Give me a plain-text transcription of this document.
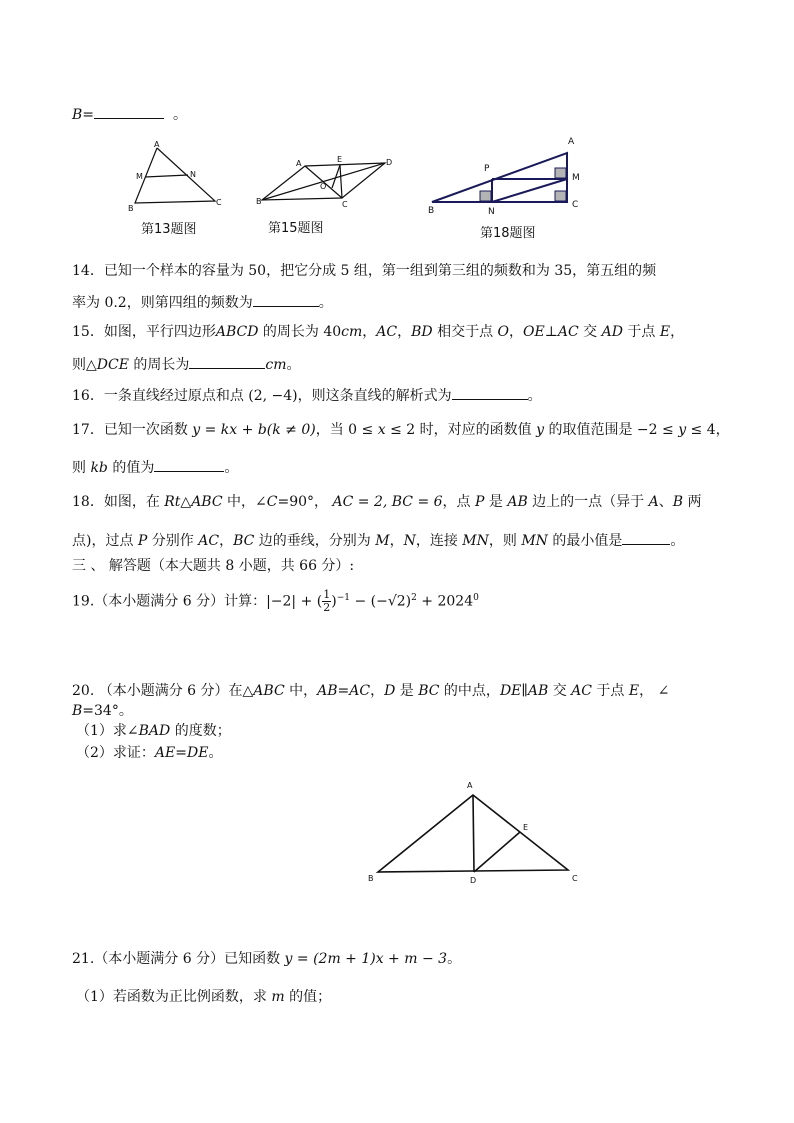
B=	。
A
M	N
B
C
第13题图
A	E	D
O
B	C
第15题图
A
P
M
B	N
C
第18题图
14．已知一个样本的容量为 50，把它分成 5 组，第一组到第三组的频数和为 35，第五组的频
率为 0.2，则第四组的频数为	。
15．如图，平行四边形ABCD 的周长为 40cm，AC，BD 相交于点 O，OE⊥AC 交 AD 于点 E，
则△DCE 的周长为	cm。
16．一条直线经过原点和点 (2, −4)，则这条直线的解析式为	。
17．已知一次函数 y = kx + b(k ≠ 0)，当 0 ≤ x ≤ 2 时，对应的函数值 y 的取值范围是 −2 ≤ y ≤ 4，
则 kb 的值为	。
18．如图，在 Rt△ABC 中，∠C=90°， AC = 2, BC = 6，点 P 是 AB 边上的一点（异于 A、B 两
点)，过点 P 分别作 AC，BC 边的垂线，分别为 M，N，连接 MN，则 MN 的最小值是	。
三 、 解答题（本大题共 8 小题，共 66 分）:
19.（本小题满分 6 分）计算：|−2| + ( $\frac{1}{2} )^{-1} - (-√2)^2 + 2024^0$
20. （本小题满分 6 分）在△ABC 中，AB=AC，D 是 BC 的中点，DE∥AB 交 AC 于点 E， ∠
B=34°。
（1）求∠BAD 的度数；
（2）求证：AE=DE。
A
E
B	D	C
21.（本小题满分 6 分）已知函数 y = (2m + 1)x + m − 3。
（1）若函数为正比例函数，求 m 的值；
